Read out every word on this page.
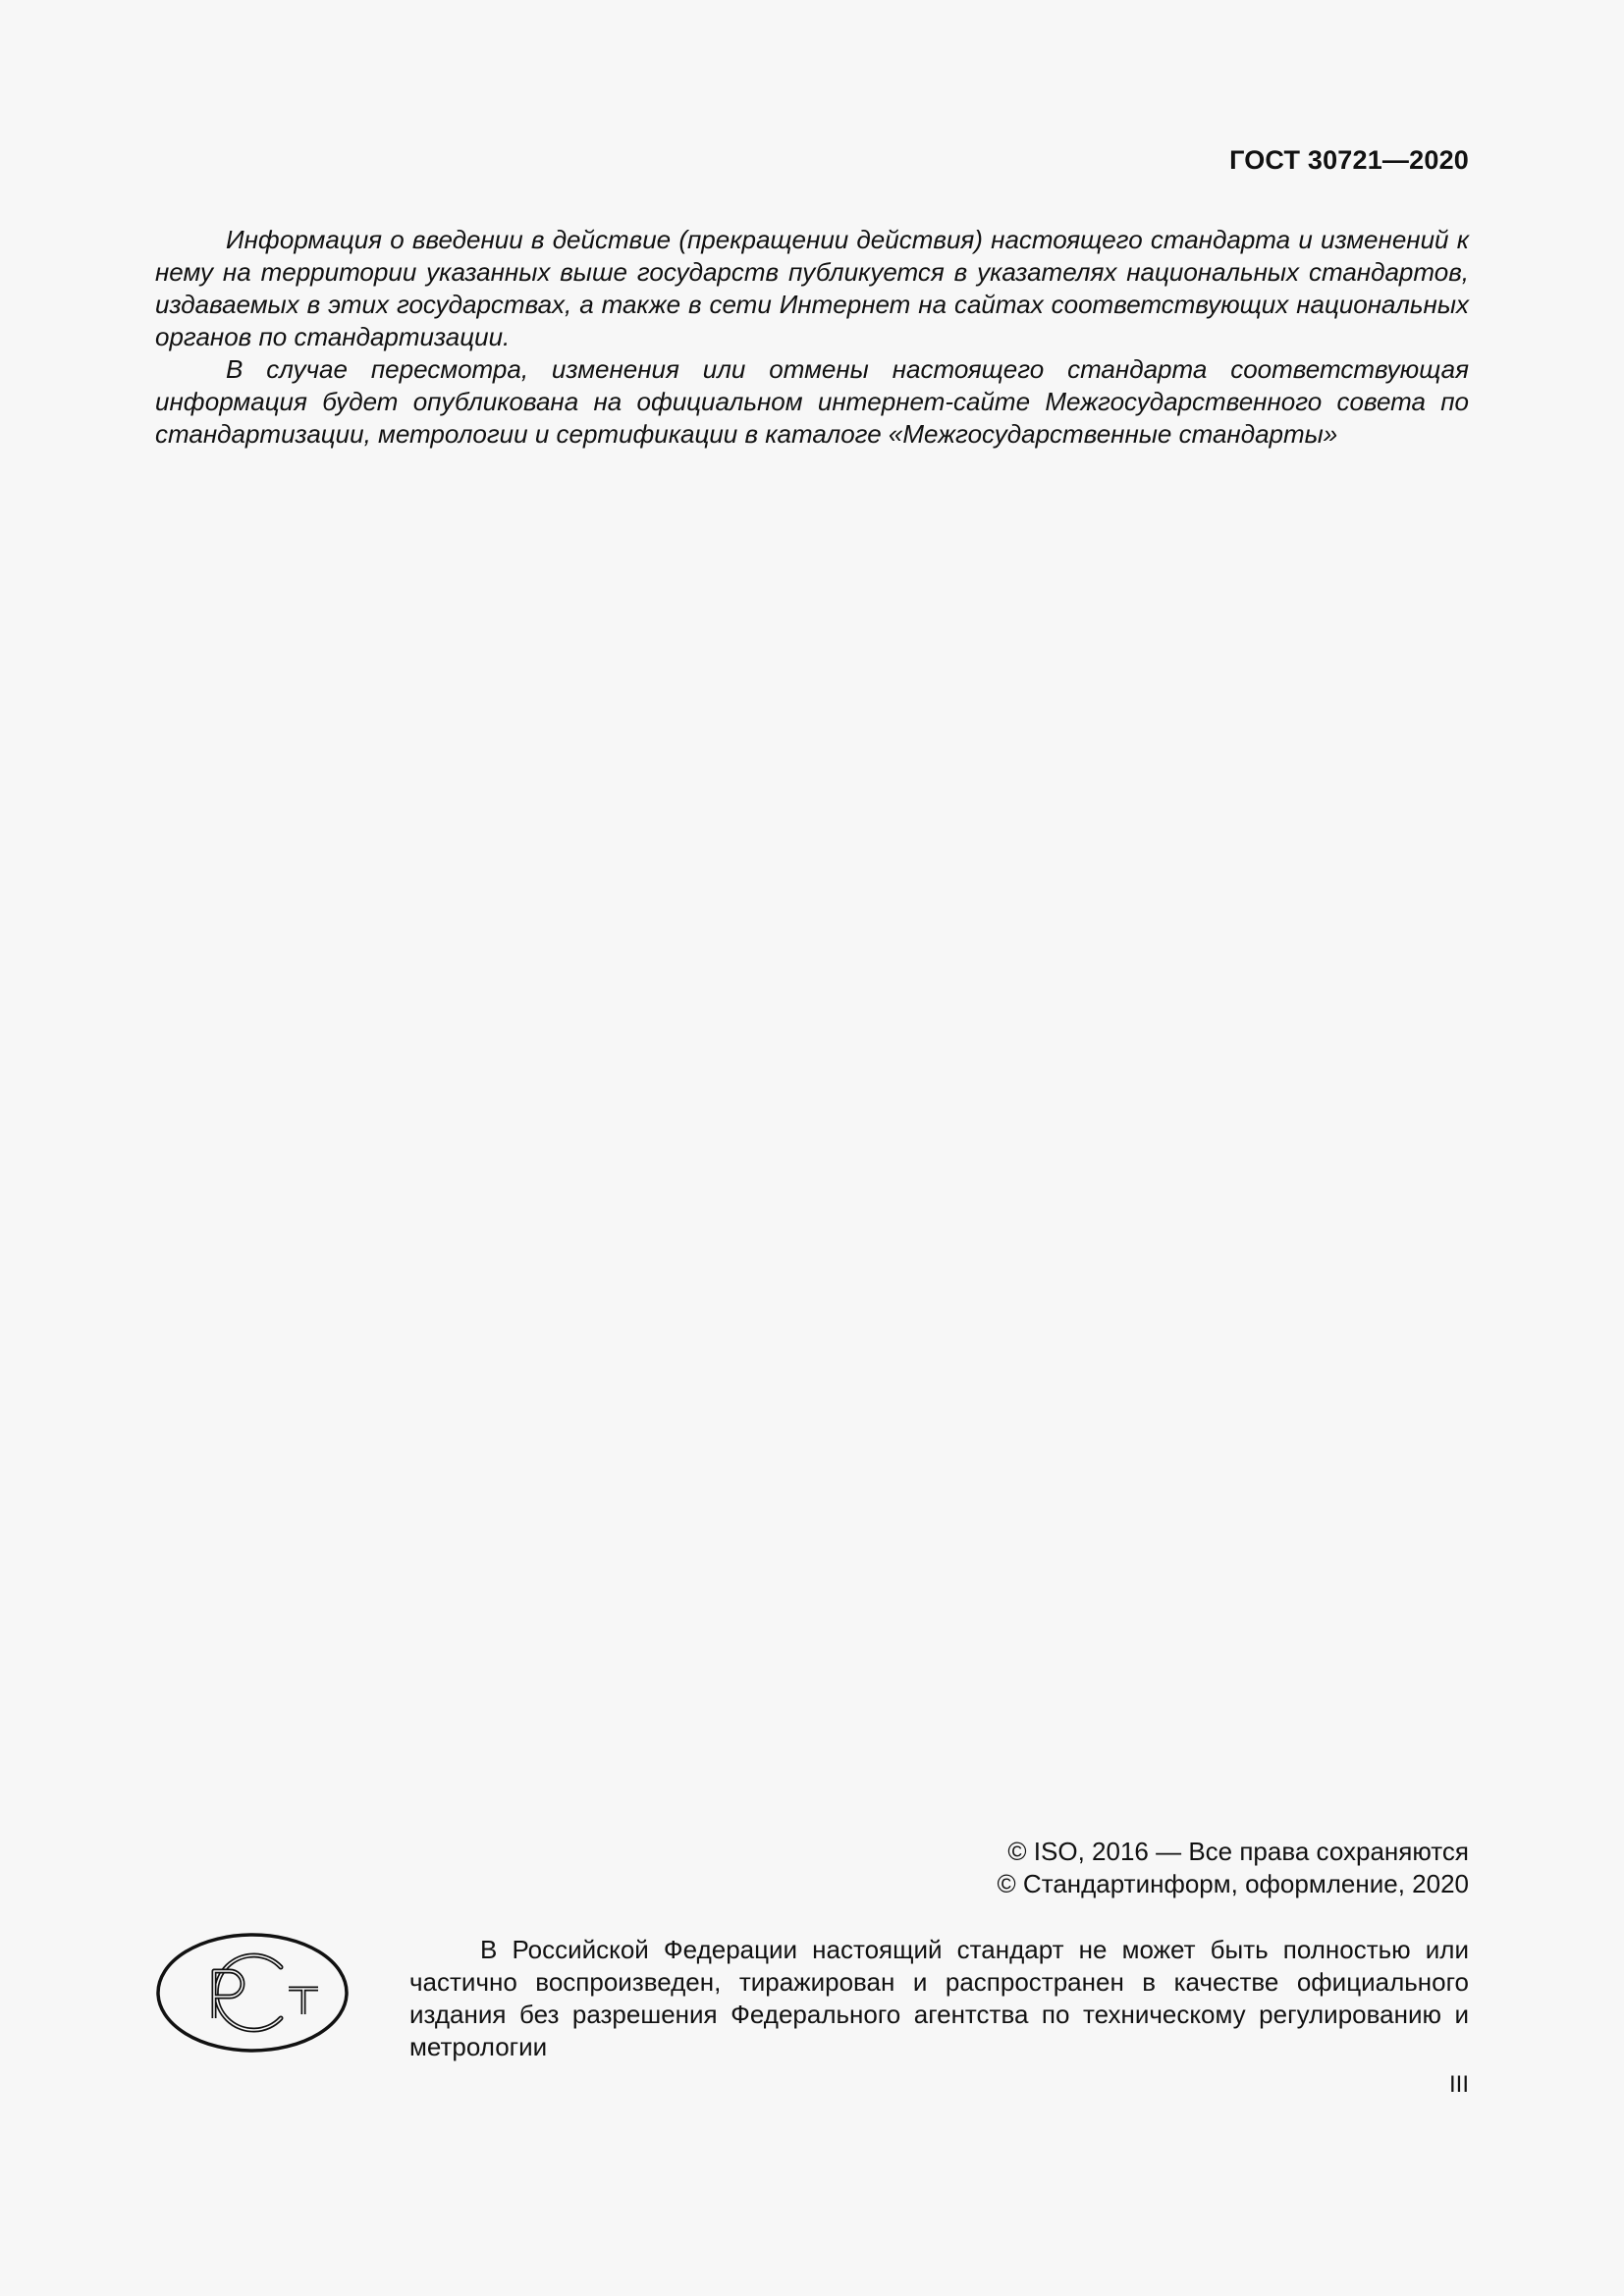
ГОСТ 30721—2020

Информация о введении в действие (прекращении действия) настоящего стандарта и изменений к нему на территории указанных выше государств публикуется в указателях национальных стандартов, издаваемых в этих государствах, а также в сети Интернет на сайтах соответствующих национальных органов по стандартизации.

В случае пересмотра, изменения или отмены настоящего стандарта соответствующая информация будет опубликована на официальном интернет-сайте Межгосударственного совета по стандартизации, метрологии и сертификации в каталоге «Межгосударственные стандарты»

© ISO, 2016 — Все права сохраняются
© Стандартинформ, оформление, 2020

В Российской Федерации настоящий стандарт не может быть полностью или частично воспроизведен, тиражирован и распространен в качестве официального издания без разрешения Федерального агентства по техническому регулированию и метрологии

III
